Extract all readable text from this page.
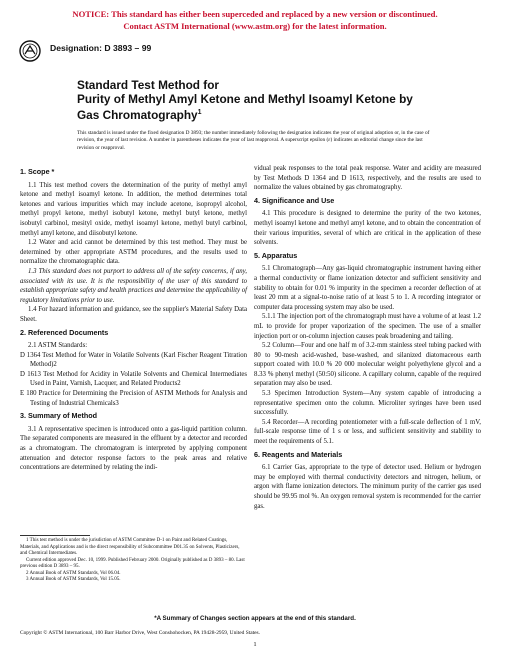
NOTICE: This standard has either been superceded and replaced by a new version or discontinued.
Contact ASTM International (www.astm.org) for the latest information.
Designation: D 3893 – 99
Standard Test Method for
Purity of Methyl Amyl Ketone and Methyl Isoamyl Ketone by
Gas Chromatography$^1$
This standard is issued under the fixed designation D 3893; the number immediately following the designation indicates the year of original adoption or, in the case of revision, the year of last revision. A number in parentheses indicates the year of last reapproval. A superscript epsilon (ε) indicates an editorial change since the last revision or reapproval.
1. Scope *

1.1 This test method covers the determination of the purity of methyl amyl ketone and methyl isoamyl ketone. In addition, the method determines total ketones and various impurities which may include acetone, isopropyl alcohol, methyl propyl ketone, methyl isobutyl ketone, methyl butyl ketone, methyl isobutyl carbinol, mesityl oxide, methyl isoamyl ketone, methyl butyl carbinol, methyl amyl ketone, and diisobutyl ketone.

1.2 Water and acid cannot be determined by this test method. They must be determined by other appropriate ASTM procedures, and the results used to normalize the chromatographic data.

1.3 This standard does not purport to address all of the safety concerns, if any, associated with its use. It is the responsibility of the user of this standard to establish appropriate safety and health practices and determine the applicability of regulatory limitations prior to use.

1.4 For hazard information and guidance, see the supplier's Material Safety Data Sheet.

2. Referenced Documents

2.1 ASTM Standards:

D 1364 Test Method for Water in Volatile Solvents (Karl Fischer Reagent Titration Method)2
D 1613 Test Method for Acidity in Volatile Solvents and Chemical Intermediates Used in Paint, Varnish, Lacquer, and Related Products2
E 180 Practice for Determining the Precision of ASTM Methods for Analysis and Testing of Industrial Chemicals3
3. Summary of Method

3.1 A representative specimen is introduced onto a gas-liquid partition column. The separated components are measured in the effluent by a detector and recorded as a chromatogram. The chromatogram is interpreted by applying component attenuation and detector response factors to the peak areas and relative concentrations are determined by relating the indi-

vidual peak responses to the total peak response. Water and acidity are measured by Test Methods D 1364 and D 1613, respectively, and the results are used to normalize the values obtained by gas chromatography.

4. Significance and Use

4.1 This procedure is designed to determine the purity of the two ketones, methyl isoamyl ketone and methyl amyl ketone, and to obtain the concentration of their various impurities, several of which are critical in the application of these solvents.

5. Apparatus

5.1 Chromatograph—Any gas-liquid chromatographic instrument having either a thermal conductivity or flame ionization detector and sufficient sensitivity and stability to obtain for 0.01 % impurity in the specimen a recorder deflection of at least 20 mm at a signal-to-noise ratio of at least 5 to 1. A recording integrator or computer data processing system may also be used.

5.1.1 The injection port of the chromatograph must have a volume of at least 1.2 mL to provide for proper vaporization of the specimen. The use of a smaller injection port or on-column injection causes peak broadening and tailing.

5.2 Column—Four and one half m of 3.2-mm stainless steel tubing packed with 80 to 90-mesh acid-washed, base-washed, and silanized diatomaceous earth support coated with 10.0 % 20 000 molecular weight polyethylene glycol and a 8.33 % phenyl methyl (50:50) silicone. A capillary column, capable of the required separation may also be used.

5.3 Specimen Introduction System—Any system capable of introducing a representative specimen onto the column. Microliter syringes have been used successfully.

5.4 Recorder—A recording potentiometer with a full-scale deflection of 1 mV, full-scale response time of 1 s or less, and sufficient sensitivity and stability to meet the requirements of 5.1.

6. Reagents and Materials

6.1 Carrier Gas, appropriate to the type of detector used. Helium or hydrogen may be employed with thermal conductivity detectors and nitrogen, helium, or argon with flame ionization detectors. The minimum purity of the carrier gas used should be 99.95 mol %. An oxygen removal system is recommended for the carrier gas.

1 This test method is under the jurisdiction of ASTM Committee D-1 on Paint and Related Coatings, Materials, and Applications and is the direct responsibility of Subcommittee D01.35 on Solvents, Plasticizers, and Chemical Intermediates.

Current edition approved Dec. 10, 1999. Published February 2000. Originally published as D 3893 – 80. Last previous edition D 3893 – 95.

2 Annual Book of ASTM Standards, Vol 06.04.

3 Annual Book of ASTM Standards, Vol 15.05.

*A Summary of Changes section appears at the end of this standard.
Copyright © ASTM International, 100 Barr Harbor Drive, West Conshohocken, PA 19428-2959, United States.
1
